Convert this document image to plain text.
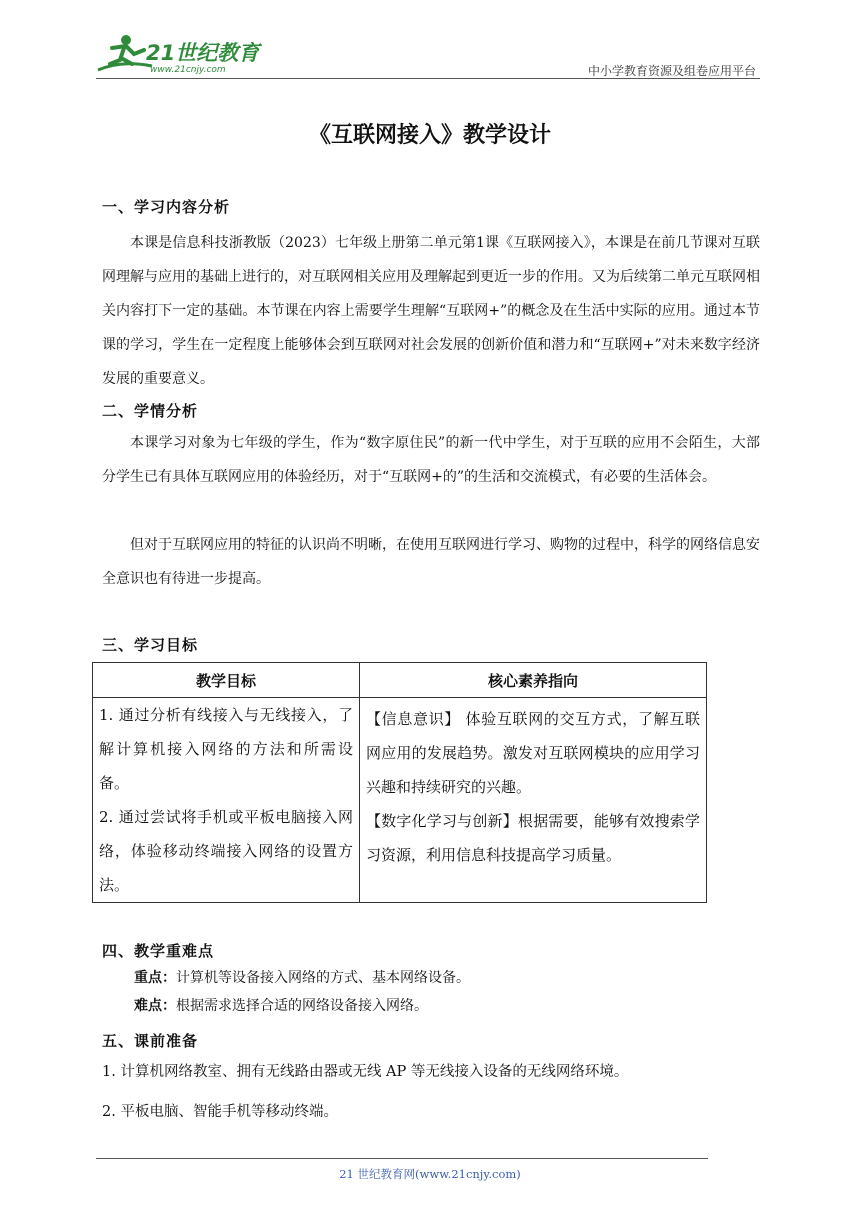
21世纪教育
www.21cnjy.com	中小学教育资源及组卷应用平台
《互联网接入》教学设计
一、学习内容分析
本课是信息科技浙教版（2023）七年级上册第二单元第1课《互联网接入》，本课是在前几节课对互联网理解与应用的基础上进行的，对互联网相关应用及理解起到更近一步的作用。又为后续第二单元互联网相关内容打下一定的基础。本节课在内容上需要学生理解“互联网+”的概念及在生活中实际的应用。通过本节课的学习，学生在一定程度上能够体会到互联网对社会发展的创新价值和潜力和“互联网+”对未来数字经济发展的重要意义。
二、学情分析
本课学习对象为七年级的学生，作为“数字原住民”的新一代中学生，对于互联的应用不会陌生，大部分学生已有具体互联网应用的体验经历，对于“互联网+的”的生活和交流模式，有必要的生活体会。
但对于互联网应用的特征的认识尚不明晰，在使用互联网进行学习、购物的过程中，科学的网络信息安全意识也有待进一步提高。
三、学习目标
教学目标	核心素养指向

1. 通过分析有线接入与无线接入，了解计算机接入网络的方法和所需设备。
2. 通过尝试将手机或平板电脑接入网络，体验移动终端接入网络的设置方法。	【信息意识】 体验互联网的交互方式，了解互联网应用的发展趋势。激发对互联网模块的应用学习兴趣和持续研究的兴趣。
【数字化学习与创新】根据需要，能够有效搜索学习资源，利用信息科技提高学习质量。
四、教学重难点
重点：计算机等设备接入网络的方式、基本网络设备。
难点：根据需求选择合适的网络设备接入网络。
五、课前准备
1. 计算机网络教室、拥有无线路由器或无线 AP 等无线接入设备的无线网络环境。
2. 平板电脑、智能手机等移动终端。
21 世纪教育网(www.21cnjy.com)
